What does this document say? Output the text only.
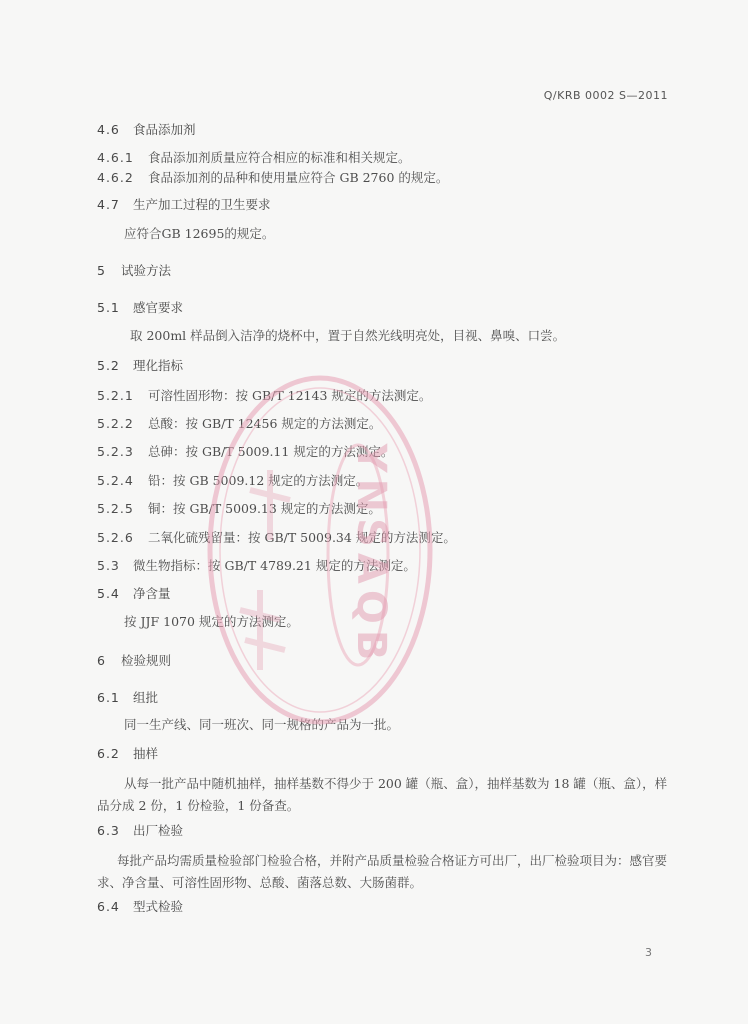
Q/KRB 0002 S—2011
4.6 食品添加剂
4.6.1 食品添加剂质量应符合相应的标准和相关规定。
4.6.2 食品添加剂的品种和使用量应符合 GB 2760 的规定。
4.7 生产加工过程的卫生要求
应符合GB 12695的规定。
5 试验方法
5.1 感官要求
取 200ml 样品倒入洁净的烧杯中，置于自然光线明亮处，目视、鼻嗅、口尝。
5.2 理化指标
5.2.1 可溶性固形物：按 GB/T 12143 规定的方法测定。
5.2.2 总酸：按 GB/T 12456 规定的方法测定。
5.2.3 总砷：按 GB/T 5009.11 规定的方法测定。
5.2.4 铅：按 GB 5009.12 规定的方法测定。
5.2.5 铜：按 GB/T 5009.13 规定的方法测定。
5.2.6 二氧化硫残留量：按 GB/T 5009.34 规定的方法测定。
5.3 微生物指标：按 GB/T 4789.21 规定的方法测定。
5.4 净含量
按 JJF 1070 规定的方法测定。
6 检验规则
6.1 组批
同一生产线、同一班次、同一规格的产品为一批。
6.2 抽样
从每一批产品中随机抽样，抽样基数不得少于 200 罐（瓶、盒），抽样基数为 18 罐（瓶、盒），样品分成 2 份，1 份检验，1 份备查。
6.3 出厂检验
每批产品均需质量检验部门检验合格，并附产品质量检验合格证方可出厂，出厂检验项目为：感官要求、净含量、可溶性固形物、总酸、菌落总数、大肠菌群。
6.4 型式检验
YNSAQB
3
